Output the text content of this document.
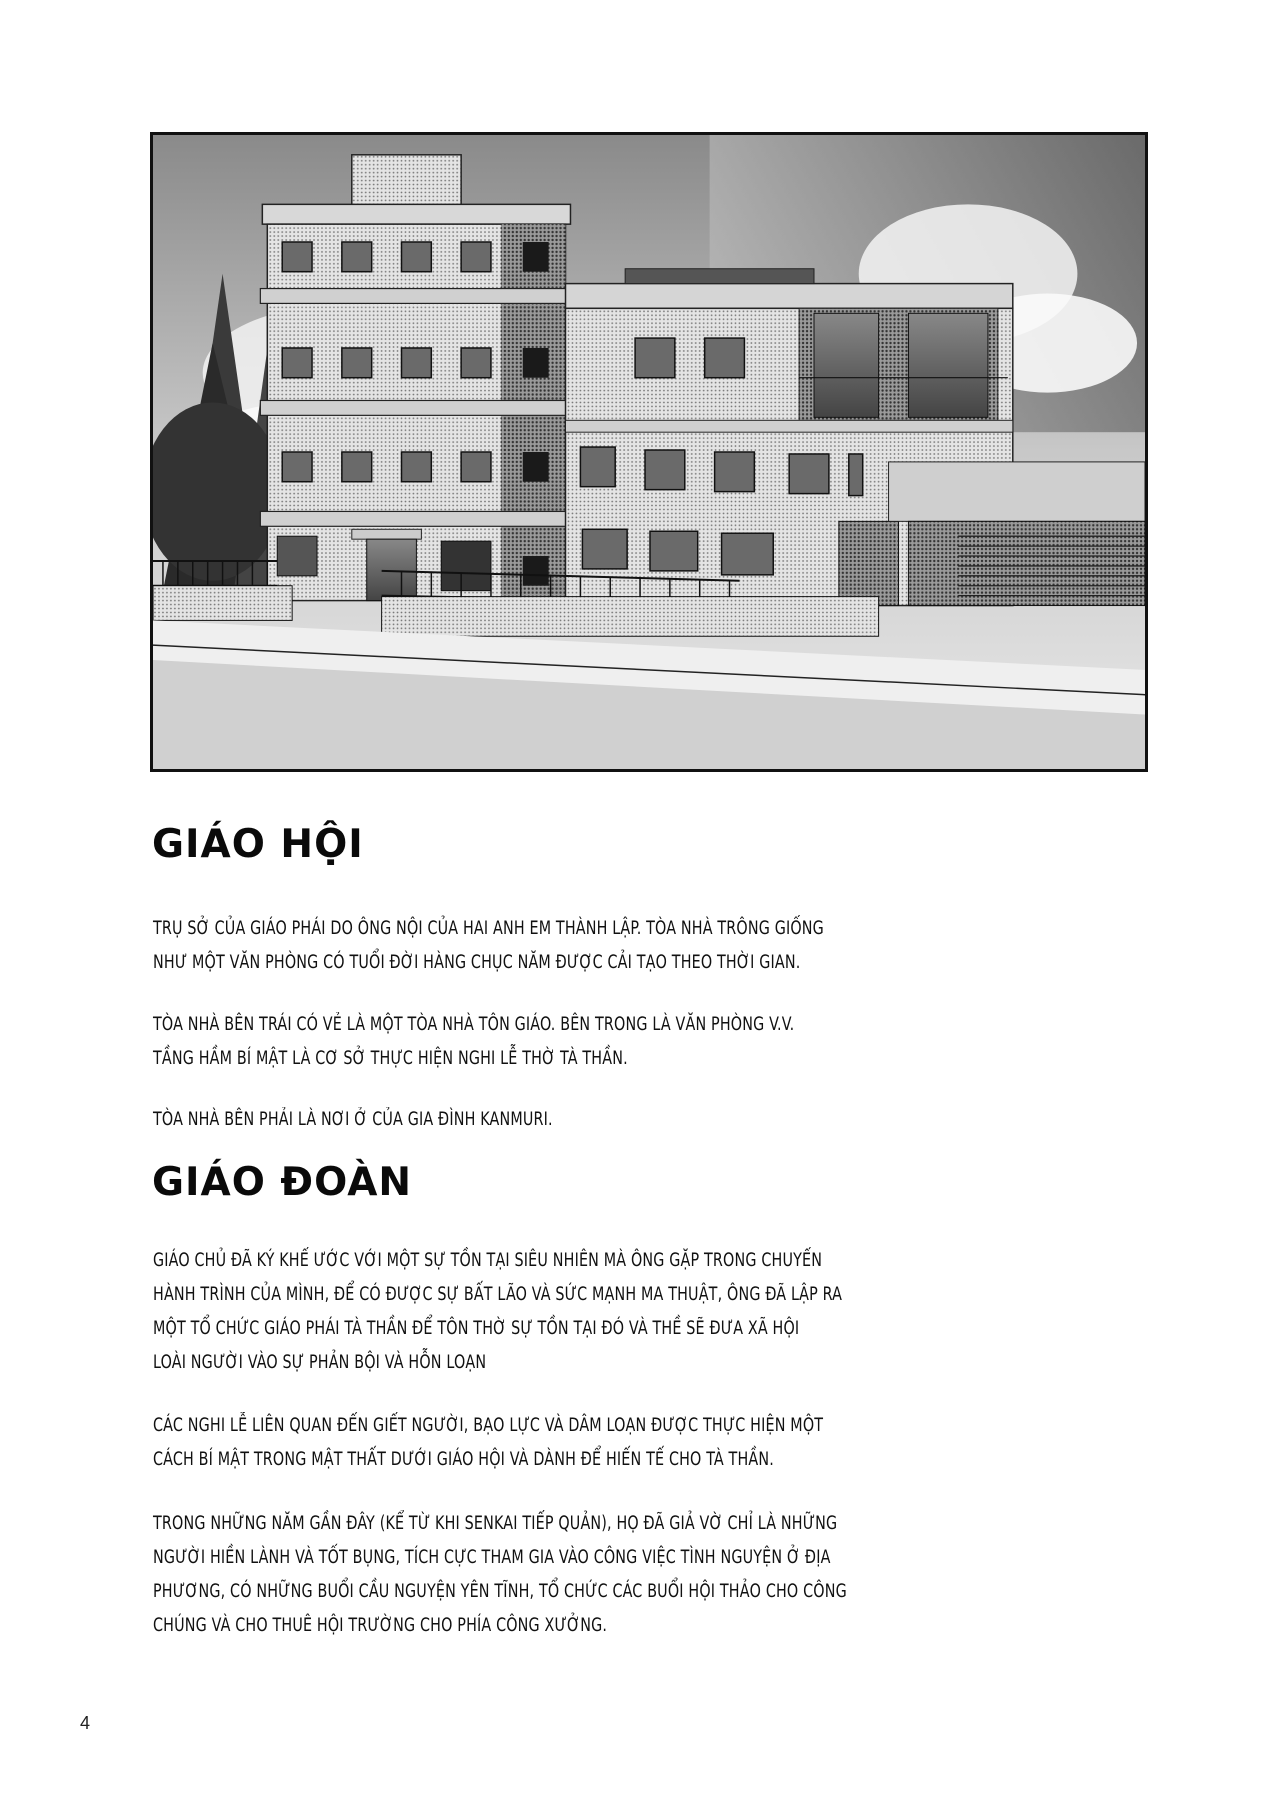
GIÁO HỘI

TRỤ SỞ CỦA GIÁO PHÁI DO ÔNG NỘI CỦA HAI ANH EM THÀNH LẬP. TÒA NHÀ TRÔNG GIỐNG
NHƯ MỘT VĂN PHÒNG CÓ TUỔI ĐỜI HÀNG CHỤC NĂM ĐƯỢC CẢI TẠO THEO THỜI GIAN.

TÒA NHÀ BÊN TRÁI CÓ VẺ LÀ MỘT TÒA NHÀ TÔN GIÁO. BÊN TRONG LÀ VĂN PHÒNG V.V.
TẦNG HẦM BÍ MẬT LÀ CƠ SỞ THỰC HIỆN NGHI LỄ THỜ TÀ THẦN.

TÒA NHÀ BÊN PHẢI LÀ NƠI Ở CỦA GIA ĐÌNH KANMURI.

GIÁO ĐOÀN

GIÁO CHỦ ĐÃ KÝ KHẾ ƯỚC VỚI MỘT SỰ TỒN TẠI SIÊU NHIÊN MÀ ÔNG GẶP TRONG CHUYẾN
HÀNH TRÌNH CỦA MÌNH, ĐỂ CÓ ĐƯỢC SỰ BẤT LÃO VÀ SỨC MẠNH MA THUẬT, ÔNG ĐÃ LẬP RA
MỘT TỔ CHỨC GIÁO PHÁI TÀ THẦN ĐỂ TÔN THỜ SỰ TỒN TẠI ĐÓ VÀ THỀ SẼ ĐƯA XÃ HỘI
LOÀI NGƯỜI VÀO SỰ PHẢN BỘI VÀ HỖN LOẠN

CÁC NGHI LỄ LIÊN QUAN ĐẾN GIẾT NGƯỜI, BẠO LỰC VÀ DÂM LOẠN ĐƯỢC THỰC HIỆN MỘT
CÁCH BÍ MẬT TRONG MẬT THẤT DƯỚI GIÁO HỘI VÀ DÀNH ĐỂ HIẾN TẾ CHO TÀ THẦN.

TRONG NHỮNG NĂM GẦN ĐÂY (KỂ TỪ KHI SENKAI TIẾP QUẢN), HỌ ĐÃ GIẢ VỜ CHỈ LÀ NHỮNG
NGƯỜI HIỀN LÀNH VÀ TỐT BỤNG, TÍCH CỰC THAM GIA VÀO CÔNG VIỆC TÌNH NGUYỆN Ở ĐỊA
PHƯƠNG, CÓ NHỮNG BUỔI CẦU NGUYỆN YÊN TĨNH, TỔ CHỨC CÁC BUỔI HỘI THẢO CHO CÔNG
CHÚNG VÀ CHO THUÊ HỘI TRƯỜNG CHO PHÍA CÔNG XƯỞNG.

4
